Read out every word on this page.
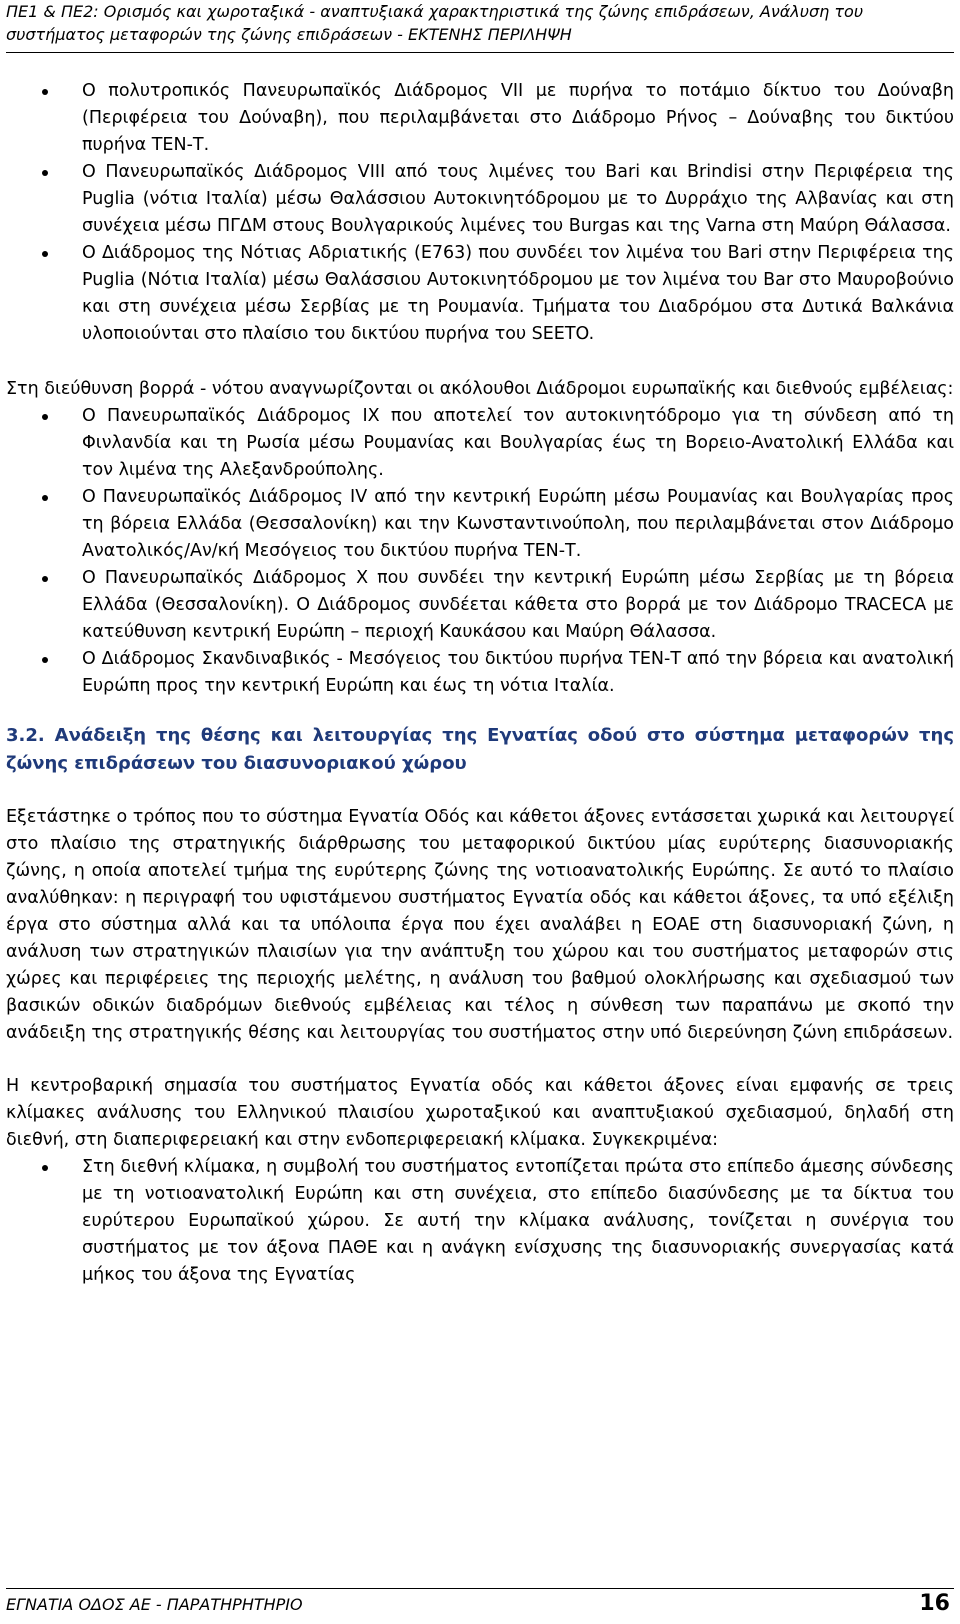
ΠΕ1 & ΠΕ2: Ορισμός και χωροταξικά - αναπτυξιακά χαρακτηριστικά της ζώνης επιδράσεων, Ανάλυση του
συστήματος μεταφορών της ζώνης επιδράσεων - ΕΚΤΕΝΗΣ ΠΕΡΙΛΗΨΗ
Ο πολυτροπικός Πανευρωπαϊκός Διάδρομος VII με πυρήνα το ποτάμιο δίκτυο του Δούναβη (Περιφέρεια του Δούναβη), που περιλαμβάνεται στο Διάδρομο Ρήνος – Δούναβης του δικτύου πυρήνα ΤΕΝ-Τ.
Ο Πανευρωπαϊκός Διάδρομος VIII από τους λιμένες του Bari και Brindisi στην Περιφέρεια της Puglia (νότια Ιταλία) μέσω Θαλάσσιου Αυτοκινητόδρομου με το Δυρράχιο της Αλβανίας και στη συνέχεια μέσω ΠΓΔΜ στους Βουλγαρικούς λιμένες του Burgas και της Varna στη Μαύρη Θάλασσα.
Ο Διάδρομος της Νότιας Αδριατικής (Ε763) που συνδέει τον λιμένα του Bari στην Περιφέρεια της Puglia (Νότια Ιταλία) μέσω Θαλάσσιου Αυτοκινητόδρομου με τον λιμένα του Bar στο Μαυροβούνιο και στη συνέχεια μέσω Σερβίας με τη Ρουμανία. Τμήματα του Διαδρόμου στα Δυτικά Βαλκάνια υλοποιούνται στο πλαίσιο του δικτύου πυρήνα του SEETO.

Στη διεύθυνση βορρά - νότου αναγνωρίζονται οι ακόλουθοι Διάδρομοι ευρωπαϊκής και διεθνούς εμβέλειας:

Ο Πανευρωπαϊκός Διάδρομος IX που αποτελεί τον αυτοκινητόδρομο για τη σύνδεση από τη Φινλανδία και τη Ρωσία μέσω Ρουμανίας και Βουλγαρίας έως τη Βορειο-Ανατολική Ελλάδα και τον λιμένα της Αλεξανδρούπολης.
Ο Πανευρωπαϊκός Διάδρομος IV από την κεντρική Ευρώπη μέσω Ρουμανίας και Βουλγαρίας προς τη βόρεια Ελλάδα (Θεσσαλονίκη) και την Κωνσταντινούπολη, που περιλαμβάνεται στον Διάδρομο Ανατολικός/Αν/κή Μεσόγειος του δικτύου πυρήνα ΤΕΝ-Τ.
Ο Πανευρωπαϊκός Διάδρομος X που συνδέει την κεντρική Ευρώπη μέσω Σερβίας με τη βόρεια Ελλάδα (Θεσσαλονίκη). Ο Διάδρομος συνδέεται κάθετα στο βορρά με τον Διάδρομο TRACECA με κατεύθυνση κεντρική Ευρώπη – περιοχή Καυκάσου και Μαύρη Θάλασσα.
Ο Διάδρομος Σκανδιναβικός - Μεσόγειος του δικτύου πυρήνα ΤΕΝ-Τ από την βόρεια και ανατολική Ευρώπη προς την κεντρική Ευρώπη και έως τη νότια Ιταλία.

3.2. Ανάδειξη της θέσης και λειτουργίας της Εγνατίας οδού στο σύστημα μεταφορών της ζώνης επιδράσεων του διασυνοριακού χώρου

Εξετάστηκε ο τρόπος που το σύστημα Εγνατία Οδός και κάθετοι άξονες εντάσσεται χωρικά και λειτουργεί στο πλαίσιο της στρατηγικής διάρθρωσης του μεταφορικού δικτύου μίας ευρύτερης διασυνοριακής ζώνης, η οποία αποτελεί τμήμα της ευρύτερης ζώνης της νοτιοανατολικής Ευρώπης. Σε αυτό το πλαίσιο αναλύθηκαν: η περιγραφή του υφιστάμενου συστήματος Εγνατία οδός και κάθετοι άξονες, τα υπό εξέλιξη έργα στο σύστημα αλλά και τα υπόλοιπα έργα που έχει αναλάβει η ΕΟΑΕ στη διασυνοριακή ζώνη, η ανάλυση των στρατηγικών πλαισίων για την ανάπτυξη του χώρου και του συστήματος μεταφορών στις χώρες και περιφέρειες της περιοχής μελέτης, η ανάλυση του βαθμού ολοκλήρωσης και σχεδιασμού των βασικών οδικών διαδρόμων διεθνούς εμβέλειας και τέλος η σύνθεση των παραπάνω με σκοπό την ανάδειξη της στρατηγικής θέσης και λειτουργίας του συστήματος στην υπό διερεύνηση ζώνη επιδράσεων.

Η κεντροβαρική σημασία του συστήματος Εγνατία οδός και κάθετοι άξονες είναι εμφανής σε τρεις κλίμακες ανάλυσης του Ελληνικού πλαισίου χωροταξικού και αναπτυξιακού σχεδιασμού, δηλαδή στη διεθνή, στη διαπεριφερειακή και στην ενδοπεριφερειακή κλίμακα. Συγκεκριμένα:

Στη διεθνή κλίμακα, η συμβολή του συστήματος εντοπίζεται πρώτα στο επίπεδο άμεσης σύνδεσης με τη νοτιοανατολική Ευρώπη και στη συνέχεια, στο επίπεδο διασύνδεσης με τα δίκτυα του ευρύτερου Ευρωπαϊκού χώρου. Σε αυτή την κλίμακα ανάλυσης, τονίζεται η συνέργια του συστήματος με τον άξονα ΠΑΘΕ και η ανάγκη ενίσχυσης της διασυνοριακής συνεργασίας κατά μήκος του άξονα της Εγνατίας
ΕΓΝΑΤΙΑ ΟΔΟΣ ΑΕ - ΠΑΡΑΤΗΡΗΤΗΡΙΟ	16
